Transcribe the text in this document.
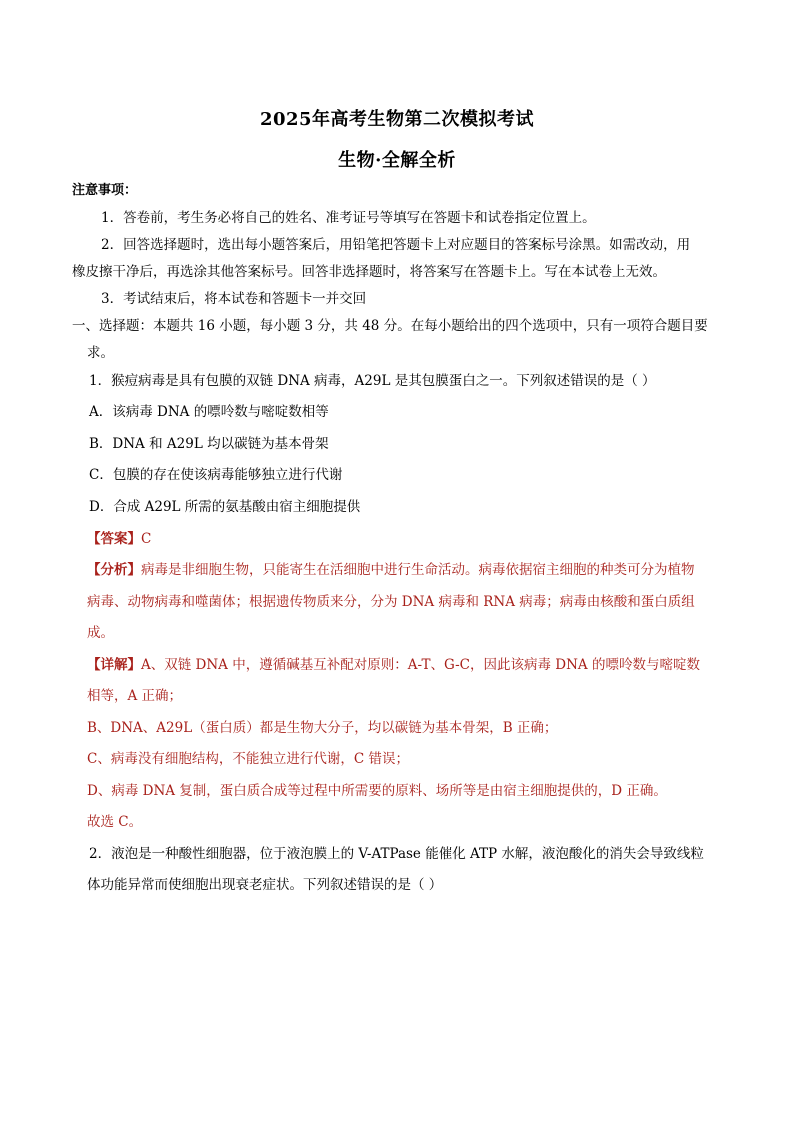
2025年高考生物第二次模拟考试
生物·全解全析
注意事项：
1．答卷前，考生务必将自己的姓名、准考证号等填写在答题卡和试卷指定位置上。
2．回答选择题时，选出每小题答案后，用铅笔把答题卡上对应题目的答案标号涂黑。如需改动，用
橡皮擦干净后，再选涂其他答案标号。回答非选择题时，将答案写在答题卡上。写在本试卷上无效。
3．考试结束后，将本试卷和答题卡一并交回
一、选择题：本题共 16 小题，每小题 3 分，共 48 分。在每小题给出的四个选项中，只有一项符合题目要
求。
1．猴痘病毒是具有包膜的双链 DNA 病毒，A29L 是其包膜蛋白之一。下列叙述错误的是（ ）
A．该病毒 DNA 的嘌呤数与嘧啶数相等
B．DNA 和 A29L 均以碳链为基本骨架
C．包膜的存在使该病毒能够独立进行代谢
D．合成 A29L 所需的氨基酸由宿主细胞提供
【答案】C
【分析】病毒是非细胞生物，只能寄生在活细胞中进行生命活动。病毒依据宿主细胞的种类可分为植物
病毒、动物病毒和噬菌体；根据遗传物质来分，分为 DNA 病毒和 RNA 病毒；病毒由核酸和蛋白质组
成。
【详解】A、双链 DNA 中，遵循碱基互补配对原则：A-T、G-C，因此该病毒 DNA 的嘌呤数与嘧啶数
相等，A 正确；
B、DNA、A29L（蛋白质）都是生物大分子，均以碳链为基本骨架，B 正确；
C、病毒没有细胞结构，不能独立进行代谢，C 错误；
D、病毒 DNA 复制，蛋白质合成等过程中所需要的原料、场所等是由宿主细胞提供的，D 正确。
故选 C。
2．液泡是一种酸性细胞器，位于液泡膜上的 V-ATPase 能催化 ATP 水解，液泡酸化的消失会导致线粒
体功能异常而使细胞出现衰老症状。下列叙述错误的是（ ）
